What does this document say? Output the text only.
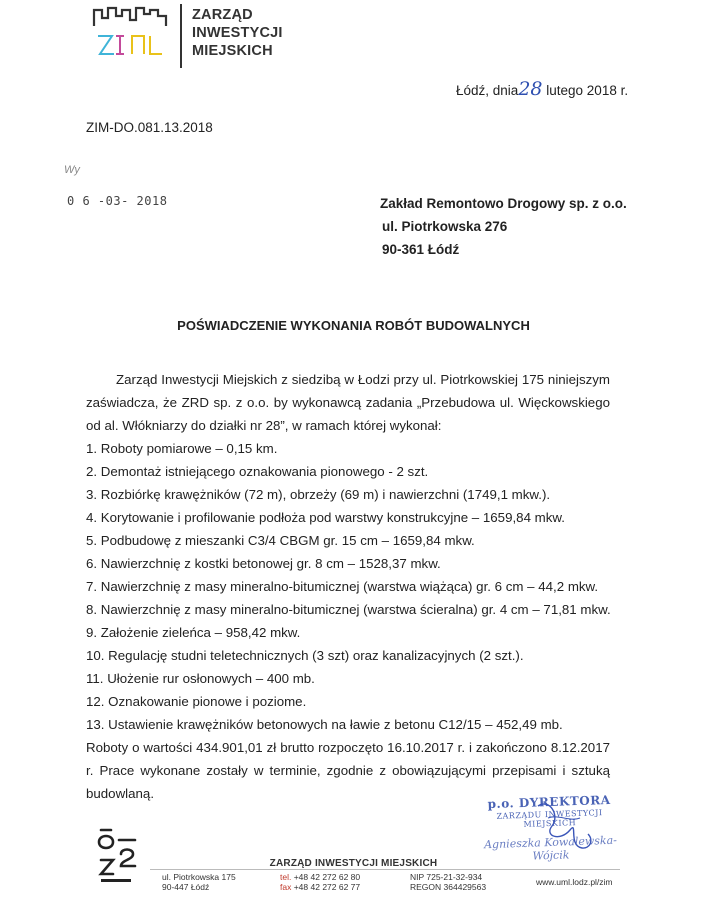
ZARZĄD
INWESTYCJI
MIEJSKICH
Łódź, dnia28 lutego 2018 r.
ZIM-DO.081.13.2018
Wy
0 6 -03- 2018	Zakład Remontowo Drogowy sp. z o.o.
ul. Piotrkowska 276
90-361 Łódź
POŚWIADCZENIE WYKONANIA ROBÓT BUDOWALNYCH
Zarząd Inwestycji Miejskich z siedzibą w Łodzi przy ul. Piotrkowskiej 175 niniejszym zaświadcza, że ZRD sp. z o.o. by wykonawcą zadania „Przebudowa ul. Więckowskiego od al. Włókniarzy do działki nr 28”, w ramach której wykonał:
1. Roboty pomiarowe – 0,15 km.
2. Demontaż istniejącego oznakowania pionowego - 2 szt.
3. Rozbiórkę krawężników (72 m), obrzeży (69 m) i nawierzchni (1749,1 mkw.).
4. Korytowanie i profilowanie podłoża pod warstwy konstrukcyjne – 1659,84 mkw.
5. Podbudowę z mieszanki C3/4 CBGM gr. 15 cm – 1659,84 mkw.
6. Nawierzchnię z kostki betonowej gr. 8 cm – 1528,37 mkw.
7. Nawierzchnię z masy mineralno-bitumicznej (warstwa wiążąca) gr. 6 cm – 44,2 mkw.
8. Nawierzchnię z masy mineralno-bitumicznej (warstwa ścieralna) gr. 4 cm – 71,81 mkw.
9. Założenie zieleńca – 958,42 mkw.
10. Regulację studni teletechnicznych (3 szt) oraz kanalizacyjnych (2 szt.).
11. Ułożenie rur osłonowych – 400 mb.
12. Oznakowanie pionowe i poziome.
13. Ustawienie krawężników betonowych na ławie z betonu C12/15 – 452,49 mb.
Roboty o wartości 434.901,01 zł brutto rozpoczęto 16.10.2017 r. i zakończono 8.12.2017 r. Prace wykonane zostały w terminie, zgodnie z obowiązującymi przepisami i sztuką budowlaną.	p.o. DYREKTORA
ZARZĄDU INWESTYCJI MIEJSKICH
Agnieszka Kowalewska-Wójcik
ZARZĄD INWESTYCJI MIEJSKICH
ul. Piotrkowska 175
90-447 Łódź
tel. +48 42 272 62 80
fax +48 42 272 62 77
NIP 725-21-32-934
REGON 364429563	www.uml.lodz.pl/zim
